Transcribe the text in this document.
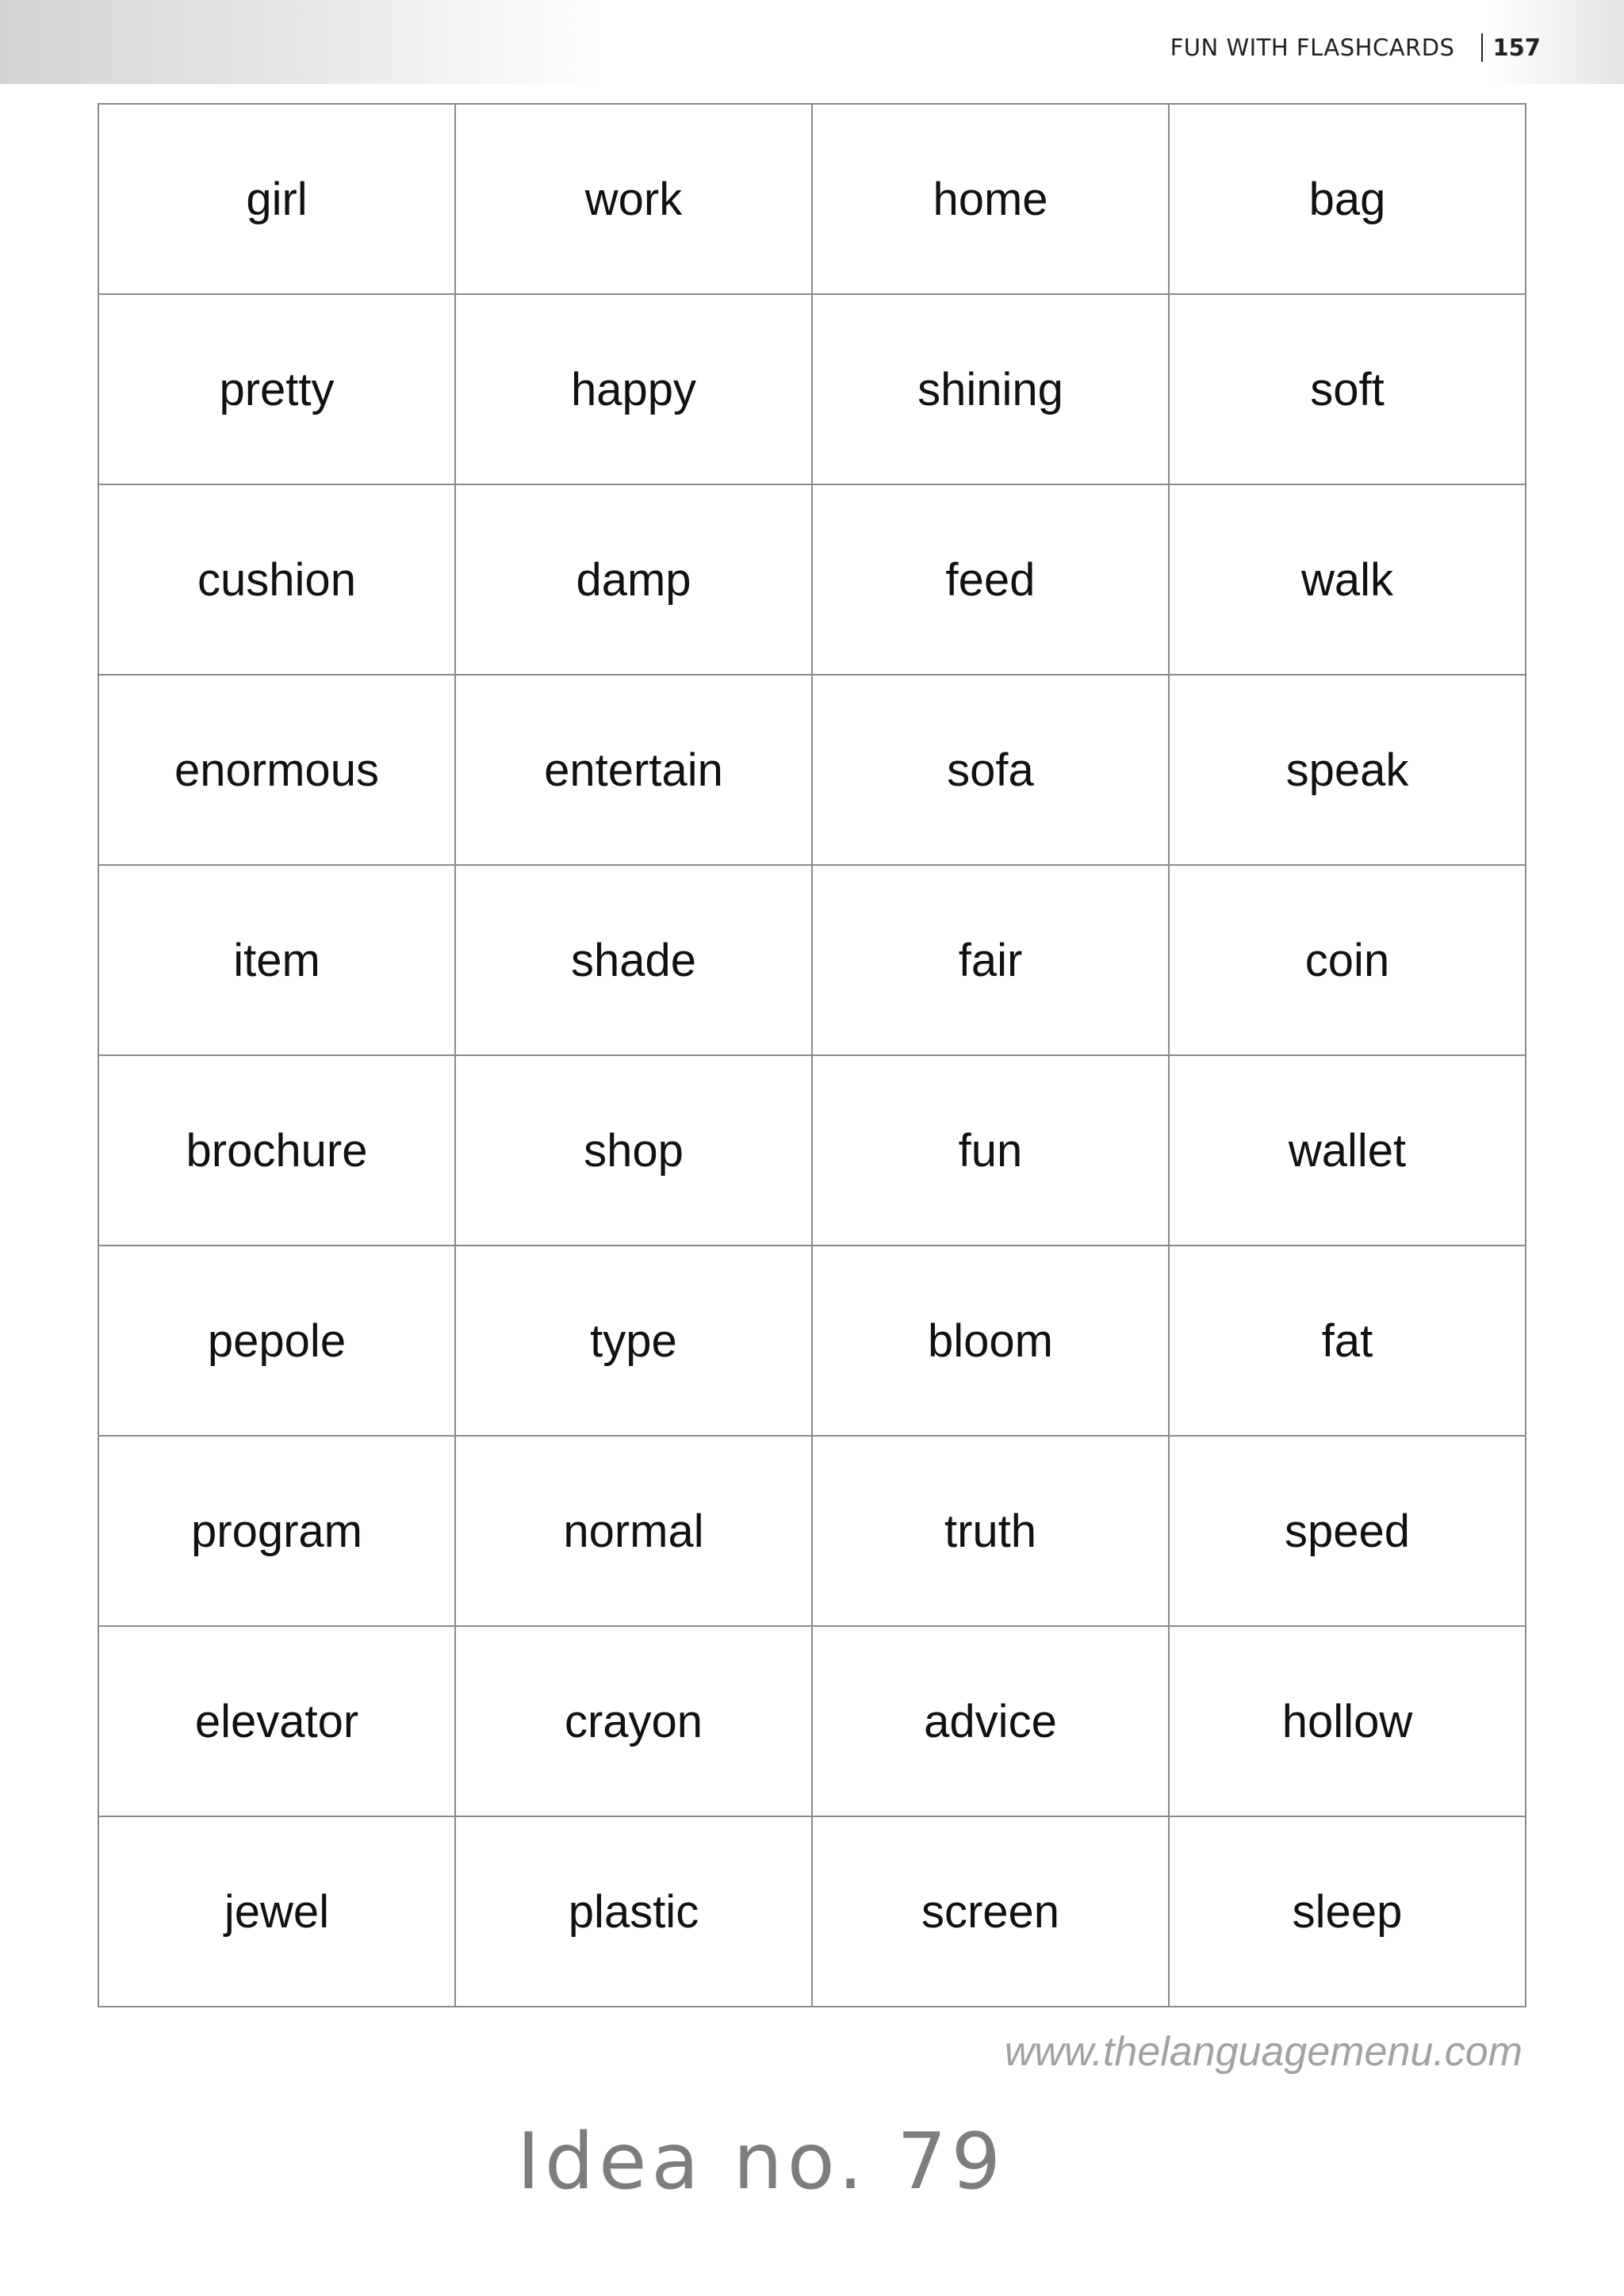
FUN WITH FLASHCARDS 157
girl	work	home	bag
pretty	happy	shining	soft
cushion	damp	feed	walk
enormous	entertain	sofa	speak
item	shade	fair	coin
brochure	shop	fun	wallet
pepole	type	bloom	fat
program	normal	truth	speed
elevator	crayon	advice	hollow
jewel	plastic	screen	sleep
www.thelanguagemenu.com
Idea no. 79
